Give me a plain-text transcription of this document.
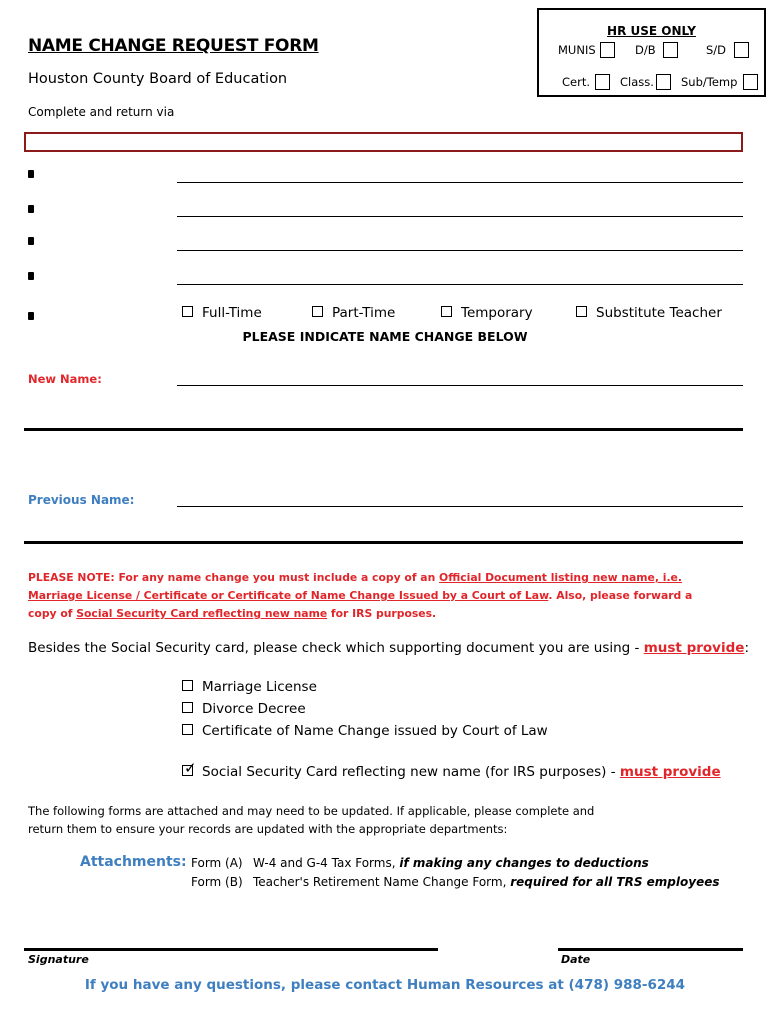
NAME CHANGE REQUEST FORM
Houston County Board of Education
Complete and return via
HR USE ONLY
MUNIS	D/B	S/D
Cert.	Class. Sub/Temp
Full-Time	Part-Time	Temporary	Substitute Teacher
PLEASE INDICATE NAME CHANGE BELOW
New Name:
Previous Name:
PLEASE NOTE: For any name change you must include a copy of an Official Document listing new name, i.e.
Marriage License / Certificate or Certificate of Name Change Issued by a Court of Law. Also, please forward a
copy of Social Security Card reflecting new name for IRS purposes.
Besides the Social Security card, please check which supporting document you are using - must provide:
Marriage License
Divorce Decree
Certificate of Name Change issued by Court of Law
✓ Social Security Card reflecting new name (for IRS purposes) - must provide
The following forms are attached and may need to be updated. If applicable, please complete and
return them to ensure your records are updated with the appropriate departments:
Attachments: Form (A) W-4 and G-4 Tax Forms, if making any changes to deductions
Form (B) Teacher's Retirement Name Change Form, required for all TRS employees
Signature	Date
If you have any questions, please contact Human Resources at (478) 988-6244
